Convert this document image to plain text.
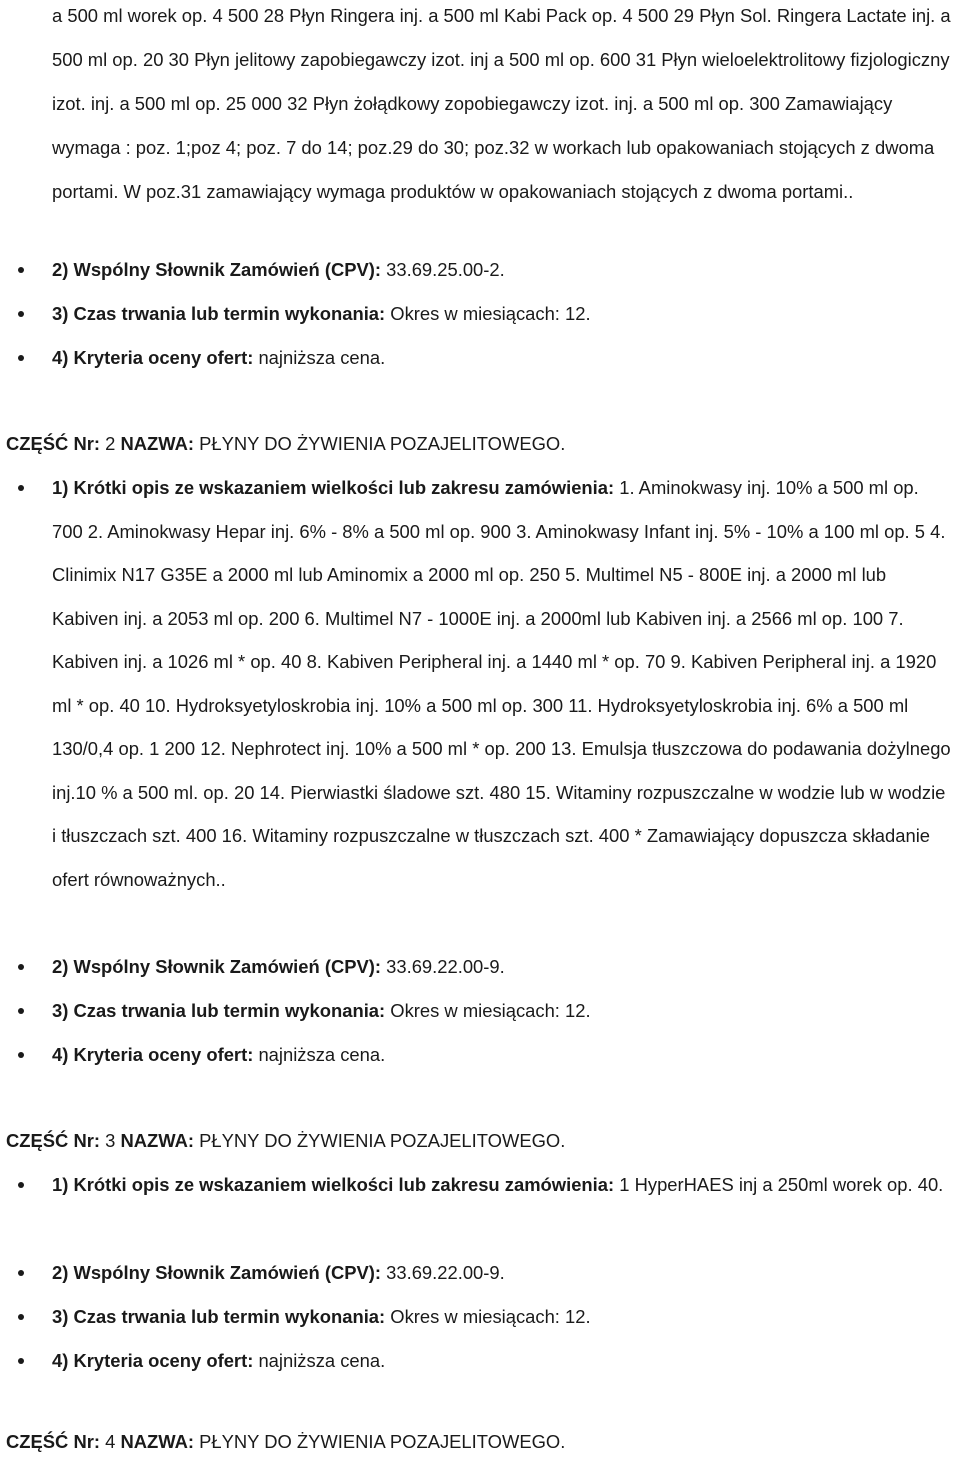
a 500 ml worek op. 4 500 28 Płyn Ringera inj. a 500 ml Kabi Pack op. 4 500 29 Płyn Sol. Ringera Lactate inj. a 500 ml op. 20 30 Płyn jelitowy zapobiegawczy izot. inj a 500 ml op. 600 31 Płyn wieloelektrolitowy fizjologiczny izot. inj. a 500 ml op. 25 000 32 Płyn żołądkowy zopobiegawczy izot. inj. a 500 ml op. 300 Zamawiający wymaga : poz. 1;poz 4; poz. 7 do 14; poz.29 do 30; poz.32 w workach lub opakowaniach stojących z dwoma portami. W poz.31 zamawiający wymaga produktów w opakowaniach stojących z dwoma portami..

2) Wspólny Słownik Zamówień (CPV): 33.69.25.00-2.
3) Czas trwania lub termin wykonania: Okres w miesiącach: 12.
4) Kryteria oceny ofert: najniższa cena.
CZĘŚĆ Nr: 2 NAZWA: PŁYNY DO ŻYWIENIA POZAJELITOWEGO.
1) Krótki opis ze wskazaniem wielkości lub zakresu zamówienia: 1. Aminokwasy inj. 10% a 500 ml op. 700 2. Aminokwasy Hepar inj. 6% - 8% a 500 ml op. 900 3. Aminokwasy Infant inj. 5% - 10% a 100 ml op. 5 4. Clinimix N17 G35E a 2000 ml lub Aminomix a 2000 ml op. 250 5. Multimel N5 - 800E inj. a 2000 ml lub Kabiven inj. a 2053 ml op. 200 6. Multimel N7 - 1000E inj. a 2000ml lub Kabiven inj. a 2566 ml op. 100 7. Kabiven inj. a 1026 ml * op. 40 8. Kabiven Peripheral inj. a 1440 ml * op. 70 9. Kabiven Peripheral inj. a 1920 ml * op. 40 10. Hydroksyetyloskrobia inj. 10% a 500 ml op. 300 11. Hydroksyetyloskrobia inj. 6% a 500 ml 130/0,4 op. 1 200 12. Nephrotect inj. 10% a 500 ml * op. 200 13. Emulsja tłuszczowa do podawania dożylnego inj.10 % a 500 ml. op. 20 14. Pierwiastki śladowe szt. 480 15. Witaminy rozpuszczalne w wodzie lub w wodzie i tłuszczach szt. 400 16. Witaminy rozpuszczalne w tłuszczach szt. 400 * Zamawiający dopuszcza składanie ofert równoważnych..
2) Wspólny Słownik Zamówień (CPV): 33.69.22.00-9.
3) Czas trwania lub termin wykonania: Okres w miesiącach: 12.
4) Kryteria oceny ofert: najniższa cena.
CZĘŚĆ Nr: 3 NAZWA: PŁYNY DO ŻYWIENIA POZAJELITOWEGO.
1) Krótki opis ze wskazaniem wielkości lub zakresu zamówienia: 1 HyperHAES inj a 250ml worek op. 40.
2) Wspólny Słownik Zamówień (CPV): 33.69.22.00-9.
3) Czas trwania lub termin wykonania: Okres w miesiącach: 12.
4) Kryteria oceny ofert: najniższa cena.
CZĘŚĆ Nr: 4 NAZWA: PŁYNY DO ŻYWIENIA POZAJELITOWEGO.
